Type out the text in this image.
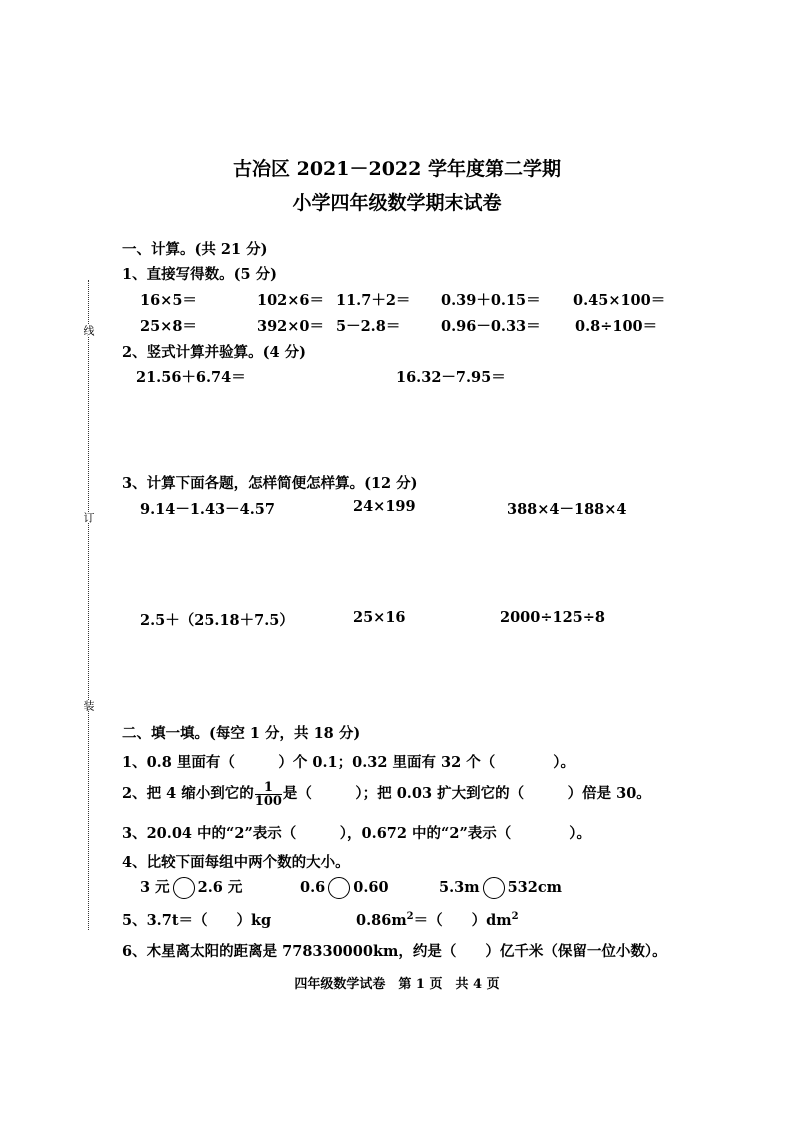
线
订
装
古冶区 2021－2022 学年度第二学期
小学四年级数学期末试卷
一、计算。(共 21 分)
1、直接写得数。(5 分)
16×5＝	102×6＝ 11.7＋2＝ 0.39＋0.15＝ 0.45×100＝
25×8＝	392×0＝ 5－2.8＝	0.96－0.33＝ 0.8÷100＝
2、竖式计算并验算。(4 分)
21.56＋6.74＝	16.32－7.95＝
3、计算下面各题，怎样简便怎样算。(12 分)
9.14－1.43－4.57	24×199	388×4－188×4
2.5＋（25.18＋7.5）	25×16	2000÷125÷8
二、填一填。(每空 1 分，共 18 分)
1、0.8 里面有（　　　）个 0.1；0.32 里面有 32 个（　　　　）。
2、把 4 缩小到它的 $\frac{1}{100}$ 是（　　　）；把 0.03 扩大到它的（　　　）倍是 30。
3、20.04 中的“2”表示（　　　），0.672 中的“2”表示（　　　　）。
4、比较下面每组中两个数的大小。
3 元 2.6 元	0.6 0.60	5.3m 532cm
5、3.7t＝（　　）kg	$0.86m^2=$（　　）$dm^2$
6、木星离太阳的距离是 778330000km，约是（　　）亿千米（保留一位小数）。
四年级数学试卷　第 1 页　共 4 页
